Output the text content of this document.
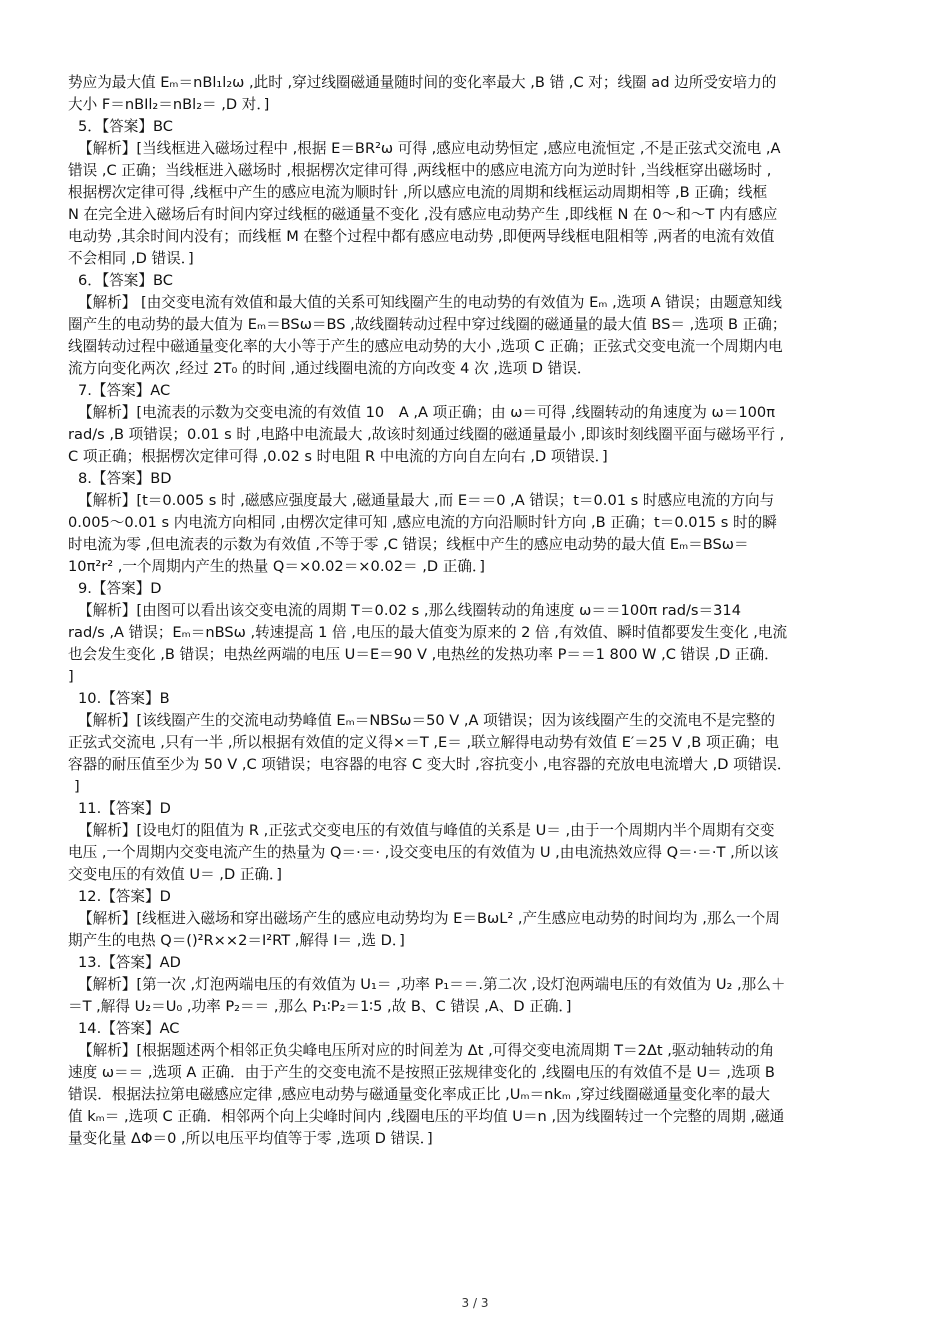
势应为最大值 Eₘ＝nBl₁l₂ω ,此时 ,穿过线圈磁通量随时间的变化率最大 ,B 错 ,C 对；线圈 ad 边所受安培力的
大小 F＝nBIl₂＝nBl₂＝ ,D 对．]
5．【答案】BC
【解析】[当线框进入磁场过程中 ,根据 E＝BR²ω 可得 ,感应电动势恒定 ,感应电流恒定 ,不是正弦式交流电 ,A
错误 ,C 正确；当线框进入磁场时 ,根据楞次定律可得 ,两线框中的感应电流方向为逆时针 ,当线框穿出磁场时 ,
根据楞次定律可得 ,线框中产生的感应电流为顺时针 ,所以感应电流的周期和线框运动周期相等 ,B 正确；线框
N 在完全进入磁场后有时间内穿过线框的磁通量不变化 ,没有感应电动势产生 ,即线框 N 在 0～和～T 内有感应
电动势 ,其余时间内没有；而线框 M 在整个过程中都有感应电动势 ,即便两导线框电阻相等 ,两者的电流有效值
不会相同 ,D 错误．]
6．【答案】BC
【解析】 [由交变电流有效值和最大值的关系可知线圈产生的电动势的有效值为 Eₘ ,选项 A 错误；由题意知线
圈产生的电动势的最大值为 Eₘ＝BSω＝BS ,故线圈转动过程中穿过线圈的磁通量的最大值 BS＝ ,选项 B 正确；
线圈转动过程中磁通量变化率的大小等于产生的感应电动势的大小 ,选项 C 正确；正弦式交变电流一个周期内电
流方向变化两次 ,经过 2T₀ 的时间 ,通过线圈电流的方向改变 4 次 ,选项 D 错误．
7.【答案】AC
【解析】[电流表的示数为交变电流的有效值 10　A ,A 项正确；由 ω＝可得 ,线圈转动的角速度为 ω＝100π
rad/s ,B 项错误；0.01 s 时 ,电路中电流最大 ,故该时刻通过线圈的磁通量最小 ,即该时刻线圈平面与磁场平行 ,
C 项正确；根据楞次定律可得 ,0.02 s 时电阻 R 中电流的方向自左向右 ,D 项错误．]
8.【答案】BD
【解析】[t＝0.005 s 时 ,磁感应强度最大 ,磁通量最大 ,而 E＝＝0 ,A 错误；t＝0.01 s 时感应电流的方向与
0.005～0.01 s 内电流方向相同 ,由楞次定律可知 ,感应电流的方向沿顺时针方向 ,B 正确；t＝0.015 s 时的瞬
时电流为零 ,但电流表的示数为有效值 ,不等于零 ,C 错误；线框中产生的感应电动势的最大值 Eₘ＝BSω＝
10π²r² ,一个周期内产生的热量 Q＝×0.02＝×0.02＝ ,D 正确．]
9.【答案】D
【解析】[由图可以看出该交变电流的周期 T＝0.02 s ,那么线圈转动的角速度 ω＝＝100π rad/s＝314
rad/s ,A 错误；Eₘ＝nBSω ,转速提高 1 倍 ,电压的最大值变为原来的 2 倍 ,有效值、瞬时值都要发生变化 ,电流
也会发生变化 ,B 错误；电热丝两端的电压 U＝E＝90 V ,电热丝的发热功率 P＝＝1 800 W ,C 错误 ,D 正确．
]
10.【答案】B
【解析】[该线圈产生的交流电动势峰值 Eₘ＝NBSω＝50 V ,A 项错误；因为该线圈产生的交流电不是完整的
正弦式交流电 ,只有一半 ,所以根据有效值的定义得×＝T ,E＝ ,联立解得电动势有效值 E′＝25 V ,B 项正确；电
容器的耐压值至少为 50 V ,C 项错误；电容器的电容 C 变大时 ,容抗变小 ,电容器的充放电电流增大 ,D 项错误．
]
11.【答案】D
【解析】[设电灯的阻值为 R ,正弦式交变电压的有效值与峰值的关系是 U＝ ,由于一个周期内半个周期有交变
电压 ,一个周期内交变电流产生的热量为 Q＝·＝· ,设交变电压的有效值为 U ,由电流热效应得 Q＝·＝·T ,所以该
交变电压的有效值 U＝ ,D 正确．]
12.【答案】D
【解析】[线框进入磁场和穿出磁场产生的感应电动势均为 E＝BωL² ,产生感应电动势的时间均为 ,那么一个周
期产生的电热 Q＝()²R××2＝I²RT ,解得 I＝ ,选 D．]
13.【答案】AD
【解析】[第一次 ,灯泡两端电压的有效值为 U₁＝ ,功率 P₁＝＝.第二次 ,设灯泡两端电压的有效值为 U₂ ,那么＋
＝T ,解得 U₂＝U₀ ,功率 P₂＝＝ ,那么 P₁∶P₂＝1∶5 ,故 B、C 错误 ,A、D 正确．]
14.【答案】AC
【解析】[根据题述两个相邻正负尖峰电压所对应的时间差为 Δt ,可得交变电流周期 T＝2Δt ,驱动轴转动的角
速度 ω＝＝ ,选项 A 正确．由于产生的交变电流不是按照正弦规律变化的 ,线圈电压的有效值不是 U＝ ,选项 B
错误．根据法拉第电磁感应定律 ,感应电动势与磁通量变化率成正比 ,Uₘ＝nkₘ ,穿过线圈磁通量变化率的最大
值 kₘ＝ ,选项 C 正确．相邻两个向上尖峰时间内 ,线圈电压的平均值 U＝n ,因为线圈转过一个完整的周期 ,磁通
量变化量 ΔΦ＝0 ,所以电压平均值等于零 ,选项 D 错误．]
3 / 3
